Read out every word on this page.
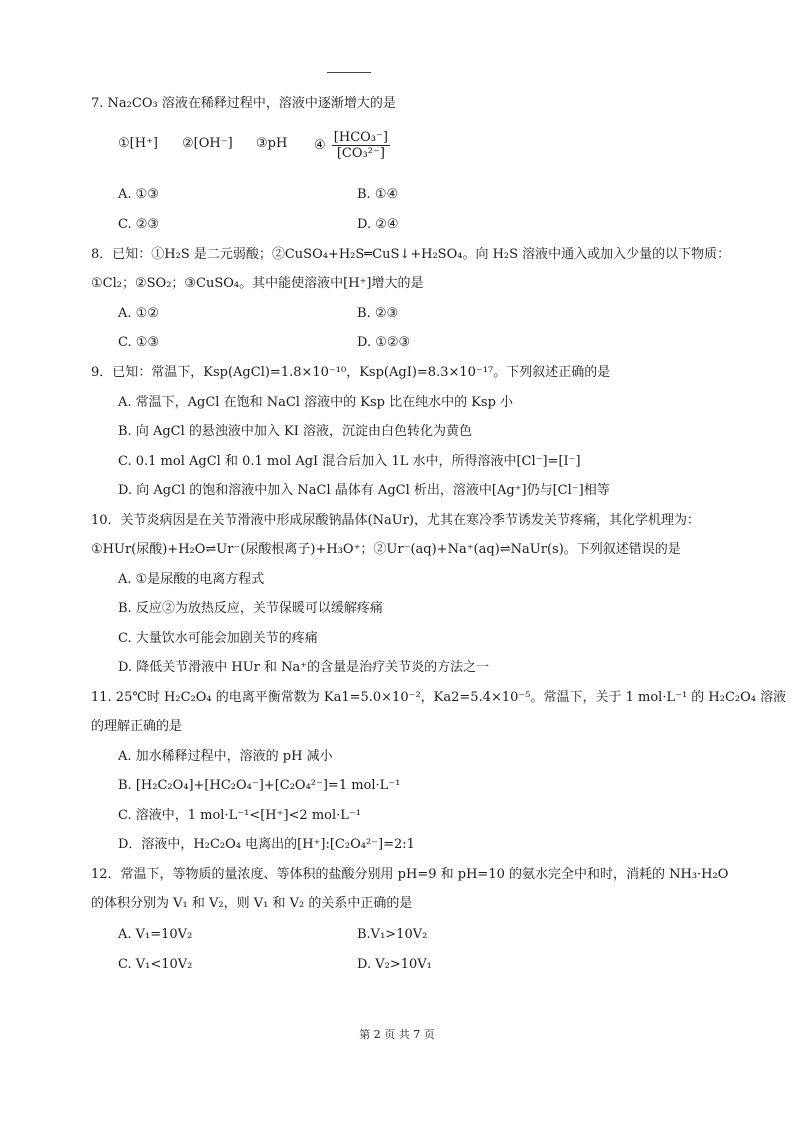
7. Na₂CO₃ 溶液在稀释过程中，溶液中逐渐增大的是
①[H⁺] ②[OH⁻] ③pH ④ $\frac{\text{[HCO₃⁻]}}{\text{[CO₃²⁻]}}$
A. ①③	B. ①④
C. ②③	D. ②④
8．已知：①H₂S 是二元弱酸；②CuSO₄+H₂S═CuS↓+H₂SO₄。向 H₂S 溶液中通入或加入少量的以下物质：
①Cl₂；②SO₂；③CuSO₄。其中能使溶液中[H⁺]增大的是
A. ①②	B. ②③
C. ①③	D. ①②③
9．已知：常温下，Ksp(AgCl)=1.8×10⁻¹⁰，Ksp(AgI)=8.3×10⁻¹⁷。下列叙述正确的是
A. 常温下，AgCl 在饱和 NaCl 溶液中的 Ksp 比在纯水中的 Ksp 小
B. 向 AgCl 的悬浊液中加入 KI 溶液，沉淀由白色转化为黄色
C. 0.1 mol AgCl 和 0.1 mol AgI 混合后加入 1L 水中，所得溶液中[Cl⁻]=[I⁻]
D. 向 AgCl 的饱和溶液中加入 NaCl 晶体有 AgCl 析出，溶液中[Ag⁺]仍与[Cl⁻]相等
10．关节炎病因是在关节滑液中形成尿酸钠晶体(NaUr)，尤其在寒冷季节诱发关节疼痛，其化学机理为：
①HUr(尿酸)+H₂O⇌Ur⁻(尿酸根离子)+H₃O⁺；②Ur⁻(aq)+Na⁺(aq)⇌NaUr(s)。下列叙述错误的是
A. ①是尿酸的电离方程式
B. 反应②为放热反应，关节保暖可以缓解疼痛
C. 大量饮水可能会加剧关节的疼痛
D. 降低关节滑液中 HUr 和 Na⁺的含量是治疗关节炎的方法之一
11. 25℃时 H₂C₂O₄ 的电离平衡常数为 Ka1=5.0×10⁻²，Ka2=5.4×10⁻⁵。常温下，关于 1 mol·L⁻¹ 的 H₂C₂O₄ 溶液
的理解正确的是
A. 加水稀释过程中，溶液的 pH 减小
B. [H₂C₂O₄]+[HC₂O₄⁻]+[C₂O₄²⁻]=1 mol·L⁻¹
C. 溶液中，1 mol·L⁻¹<[H⁺]<2 mol·L⁻¹
D．溶液中，H₂C₂O₄ 电离出的[H⁺]:[C₂O₄²⁻]=2:1
12．常温下，等物质的量浓度、等体积的盐酸分别用 pH=9 和 pH=10 的氨水完全中和时，消耗的 NH₃·H₂O
的体积分别为 V₁ 和 V₂，则 V₁ 和 V₂ 的关系中正确的是
A. V₁=10V₂	B.V₁>10V₂
C. V₁<10V₂	D. V₂>10V₁
第 2 页 共 7 页
